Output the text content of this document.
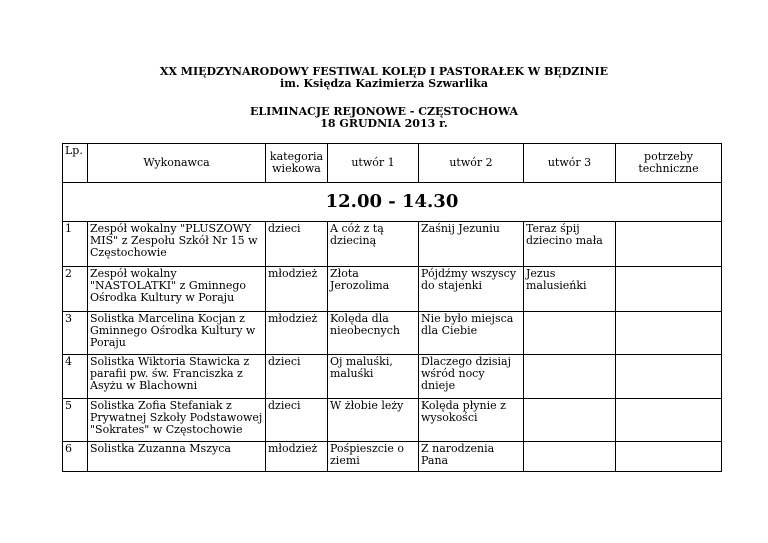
XX MIĘDZYNARODOWY FESTIWAL KOLĘD I PASTORAŁEK W BĘDZINIE
im. Księdza Kazimierza Szwarlika
ELIMINACJE REJONOWE - CZĘSTOCHOWA
18 GRUDNIA 2013 r.
Lp.	Wykonawca	kategoria wiekowa	utwór 1	utwór 2	utwór 3	potrzeby techniczne
12.00 - 14.30						
1	Zespół wokalny "PLUSZOWY MIŚ" z Zespołu Szkół Nr 15 w Częstochowie	dzieci	A cóż z tą dzieciną	Zaśnij Jezuniu	Teraz śpij dziecino mała	
2	Zespół wokalny "NASTOLATKI" z Gminnego Ośrodka Kultury w Poraju	młodzież	Złota Jerozolima	Pójdźmy wszyscy do stajenki	Jezus malusieńki	
3	Solistka Marcelina Kocjan z Gminnego Ośrodka Kultury w Poraju	młodzież	Kolęda dla nieobecnych	Nie było miejsca dla Ciebie		
4	Solistka Wiktoria Stawicka z parafii pw. św. Franciszka z Asyżu w Blachowni	dzieci	Oj maluśki, maluśki	Dlaczego dzisiaj wśród nocy dnieje		
5	Solistka Zofia Stefaniak z Prywatnej Szkoły Podstawowej "Sokrates" w Częstochowie	dzieci	W żłobie leży	Kolęda płynie z wysokości		
6	Solistka Zuzanna Mszyca	młodzież	Pośpieszcie o ziemi	Z narodzenia Pana		
